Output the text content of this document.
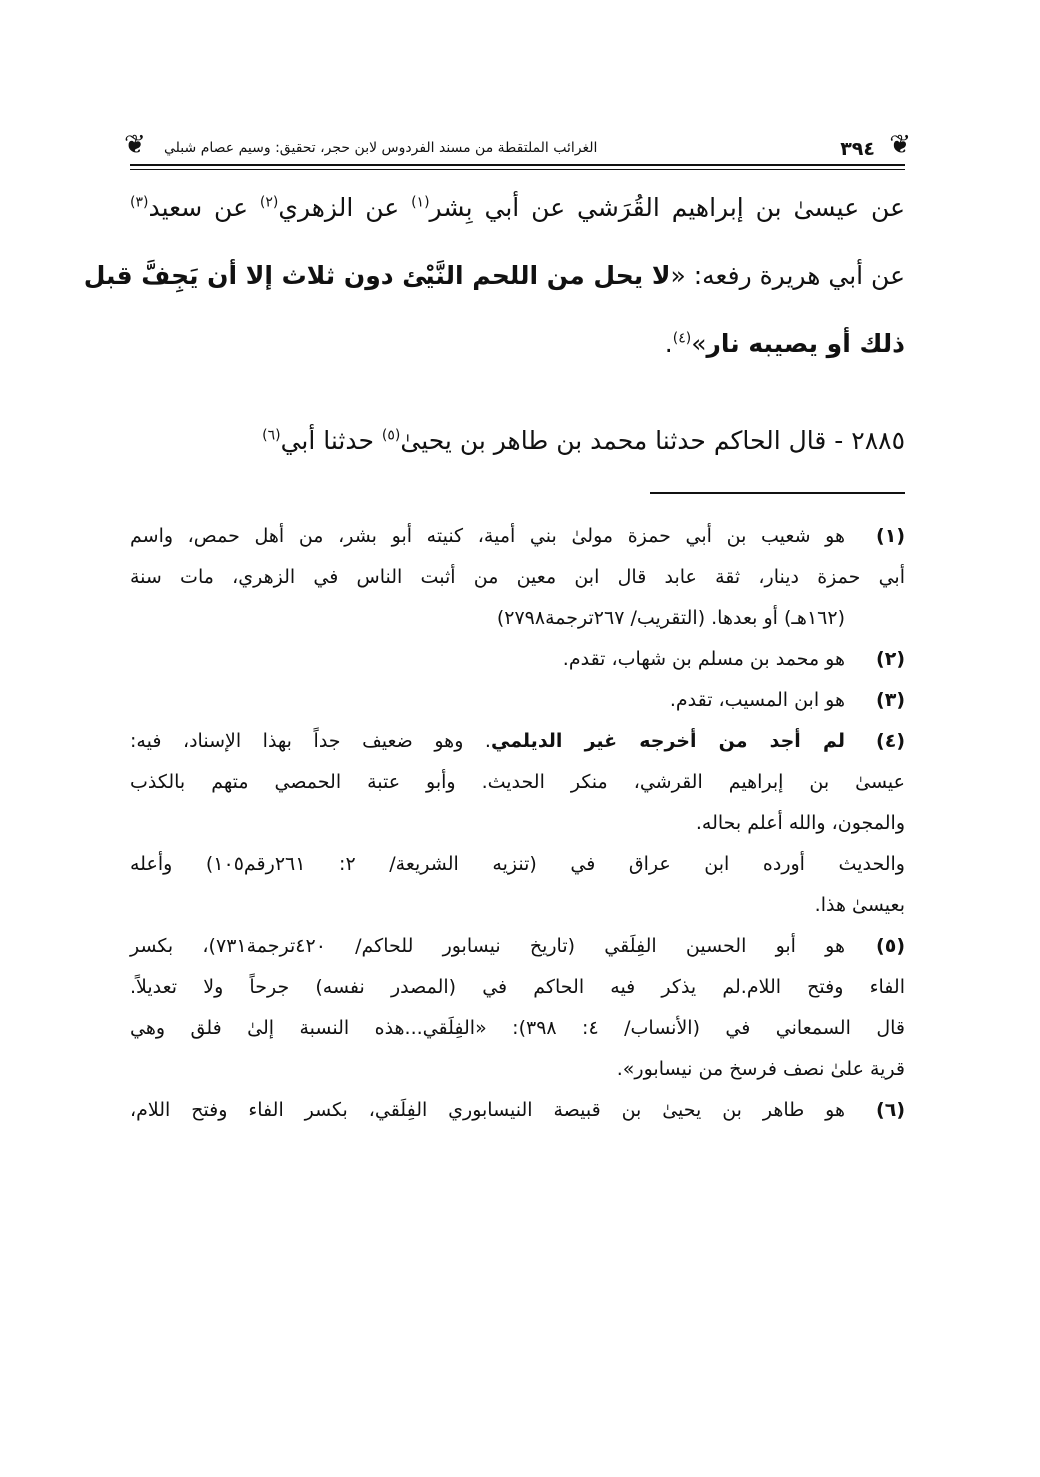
❦
٣٩٤
الغرائب الملتقطة من مسند الفردوس لابن حجر، تحقيق: وسيم عصام شبلي
❦
عن عيسىٰ بن إبراهيم القُرَشي عن أبي بِشر$^{(١)}$ عن الزهري$^{(٢)}$ عن سعيد$^{(٣)}$
عن أبي هريرة رفعه: «لا يحل من اللحم النَّيْئ دون ثلاث إلا أن يَجِفَّ قبل
ذلك أو يصيبه نار»$^{(٤)}$.
٢٨٨٥ - قال الحاكم حدثنا محمد بن طاهر بن يحيىٰ$^{(٥)}$ حدثنا أبي$^{(٦)}$
(١)
هو شعيب بن أبي حمزة مولىٰ بني أمية، كنيته أبو بشر، من أهل حمص، واسم
أبي حمزة دينار، ثقة عابد قال ابن معين من أثبت الناس في الزهري، مات سنة
(١٦٢هـ) أو بعدها. (التقريب/ ٢٦٧ترجمة٢٧٩٨)
(٢)
هو محمد بن مسلم بن شهاب، تقدم.
(٣)
هو ابن المسيب، تقدم.
(٤)
لم أجد من أخرجه غير الديلمي. وهو ضعيف جداً بهذا الإسناد، فيه:
عيسىٰ بن إبراهيم القرشي، منكر الحديث. وأبو عتبة الحمصي متهم بالكذب
والمجون، والله أعلم بحاله.
والحديث أورده ابن عراق في (تنزيه الشريعة/ ٢: ٢٦١رقم١٠٥) وأعله
بعيسىٰ هذا.
(٥)
هو أبو الحسين الفِلَقي (تاريخ نيسابور للحاكم/ ٤٢٠ترجمة٧٣١)، بكسر
الفاء وفتح اللام.لم يذكر فيه الحاكم في (المصدر نفسه) جرحاً ولا تعديلاً.
قال السمعاني في (الأنساب/ ٤: ٣٩٨): «الفِلَقي...هذه النسبة إلىٰ فلق وهي
قرية علىٰ نصف فرسخ من نيسابور».
(٦)
هو طاهر بن يحيىٰ بن قبيصة النيسابوري الفِلَقي، بكسر الفاء وفتح اللام،
